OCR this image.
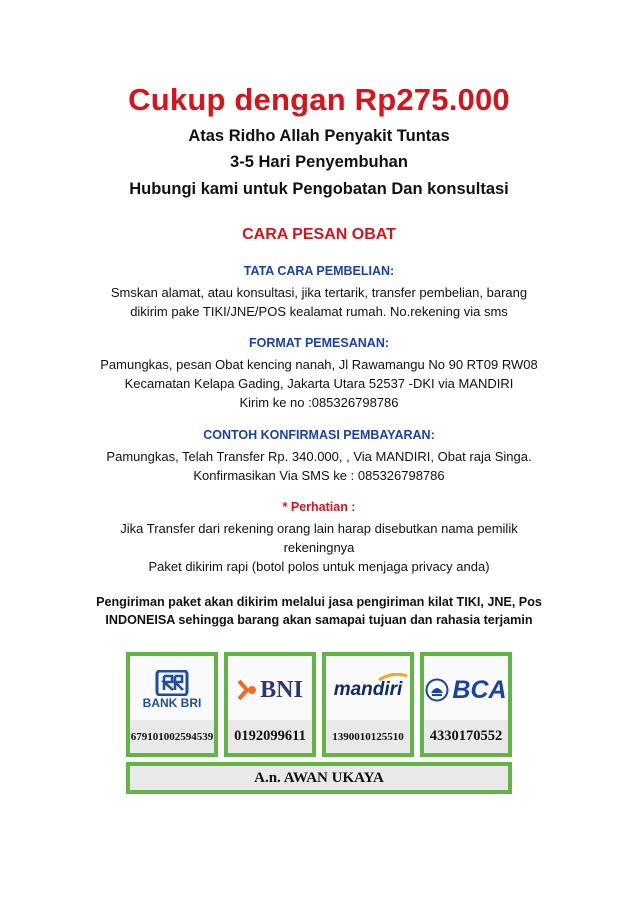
Cukup dengan Rp275.000
Atas Ridho Allah Penyakit Tuntas
3-5 Hari Penyembuhan
Hubungi kami untuk Pengobatan Dan konsultasi
CARA PESAN OBAT
TATA CARA PEMBELIAN:
Smskan alamat, atau konsultasi, jika tertarik, transfer pembelian, barang
dikirim pake TIKI/JNE/POS kealamat rumah. No.rekening via sms
FORMAT PEMESANAN:
Pamungkas, pesan Obat kencing nanah, Jl Rawamangu No 90 RT09 RW08
Kecamatan Kelapa Gading, Jakarta Utara 52537 -DKI via MANDIRI
Kirim ke no :085326798786
CONTOH KONFIRMASI PEMBAYARAN:
Pamungkas, Telah Transfer Rp. 340.000, , Via MANDIRI, Obat raja Singa.
Konfirmasikan Via SMS ke : 085326798786
* Perhatian :
Jika Transfer dari rekening orang lain harap disebutkan nama pemilik
rekeningnya
Paket dikirim rapi (botol polos untuk menjaga privacy anda)
Pengiriman paket akan dikirim melalui jasa pengiriman kilat TIKI, JNE, Pos
INDONEISA sehingga barang akan samapai tujuan dan rahasia terjamin
BANK BRI
679101002594539
BNI
0192099611
mandiri
1390010125510
BCA
4330170552
A.n. AWAN UKAYA
